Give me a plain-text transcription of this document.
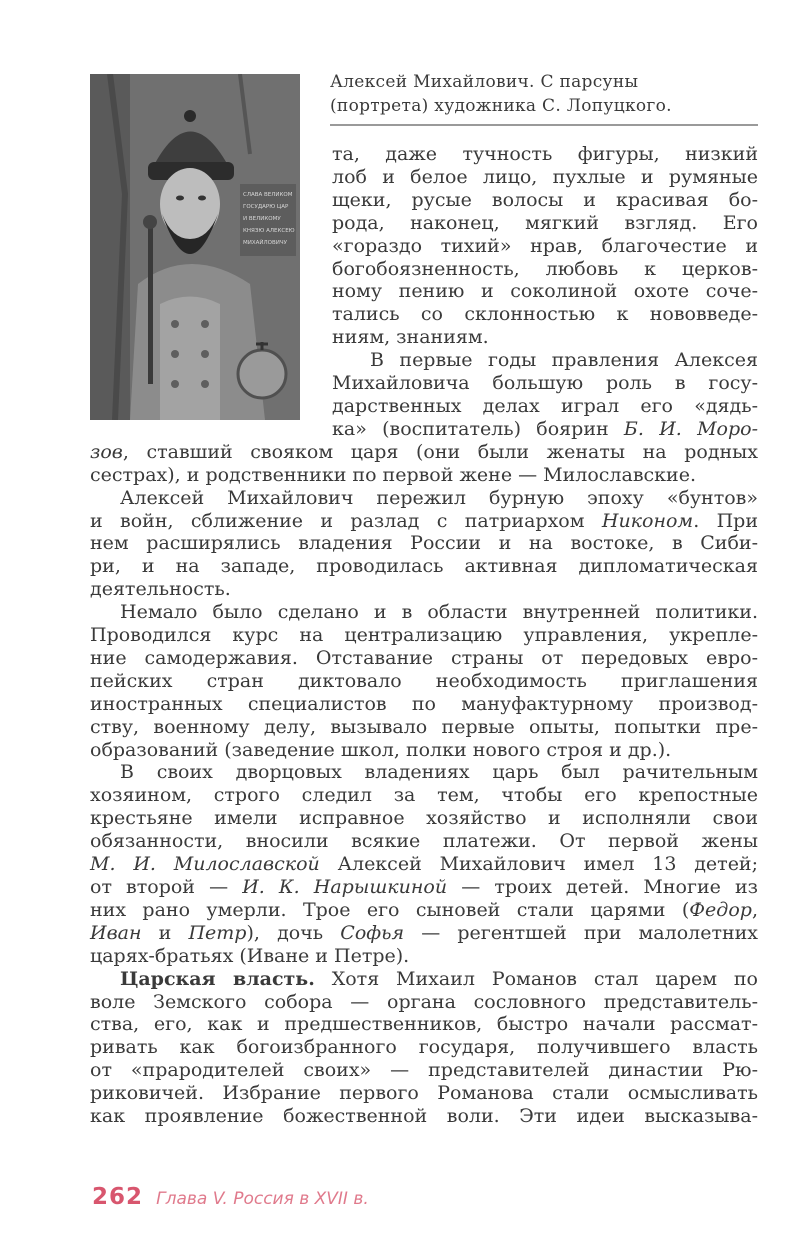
СЛАВА ВЕЛИКОМ
ГОСУДАРЮ ЦАР
И ВЕЛИКОМУ
КНЯЗЮ АЛЕКСЕЮ
МИХАЙЛОВИЧУ
Алексей Михайлович. С парсуны
(портрета) художника С. Лопуцкого.
та, даже тучность фигуры, низкий
лоб и белое лицо, пухлые и румяные
щеки, русые волосы и красивая бо-
рода, наконец, мягкий взгляд. Его
«гораздо тихий» нрав, благочестие и
богобоязненность, любовь к церков-
ному пению и соколиной охоте соче-
тались со склонностью к нововведе-
ниям, знаниям.
В первые годы правления Алексея
Михайловича большую роль в госу-
дарственных делах играл его «дядь-
ка» (воспитатель) боярин Б. И. Моро-
зов, ставший свояком царя (они были женаты на родных
сестрах), и родственники по первой жене — Милославские.
Алексей Михайлович пережил бурную эпоху «бунтов»
и войн, сближение и разлад с патриархом Никоном. При
нем расширялись владения России и на востоке, в Сиби-
ри, и на западе, проводилась активная дипломатическая
деятельность.
Немало было сделано и в области внутренней политики.
Проводился курс на централизацию управления, укрепле-
ние самодержавия. Отставание страны от передовых евро-
пейских стран диктовало необходимость приглашения
иностранных специалистов по мануфактурному производ-
ству, военному делу, вызывало первые опыты, попытки пре-
образований (заведение школ, полки нового строя и др.).
В своих дворцовых владениях царь был рачительным
хозяином, строго следил за тем, чтобы его крепостные
крестьяне имели исправное хозяйство и исполняли свои
обязанности, вносили всякие платежи. От первой жены
М. И. Милославской Алексей Михайлович имел 13 детей;
от второй — И. К. Нарышкиной — троих детей. Многие из
них рано умерли. Трое его сыновей стали царями (Федор,
Иван и Петр), дочь Софья — регентшей при малолетних
царях-братьях (Иване и Петре).
Царская власть. Хотя Михаил Романов стал царем по
воле Земского собора — органа сословного представитель-
ства, его, как и предшественников, быстро начали рассмат-
ривать как богоизбранного государя, получившего власть
от «прародителей своих» — представителей династии Рю-
риковичей. Избрание первого Романова стали осмысливать
как проявление божественной воли. Эти идеи высказыва-
262 Глава V. Россия в XVII в.
